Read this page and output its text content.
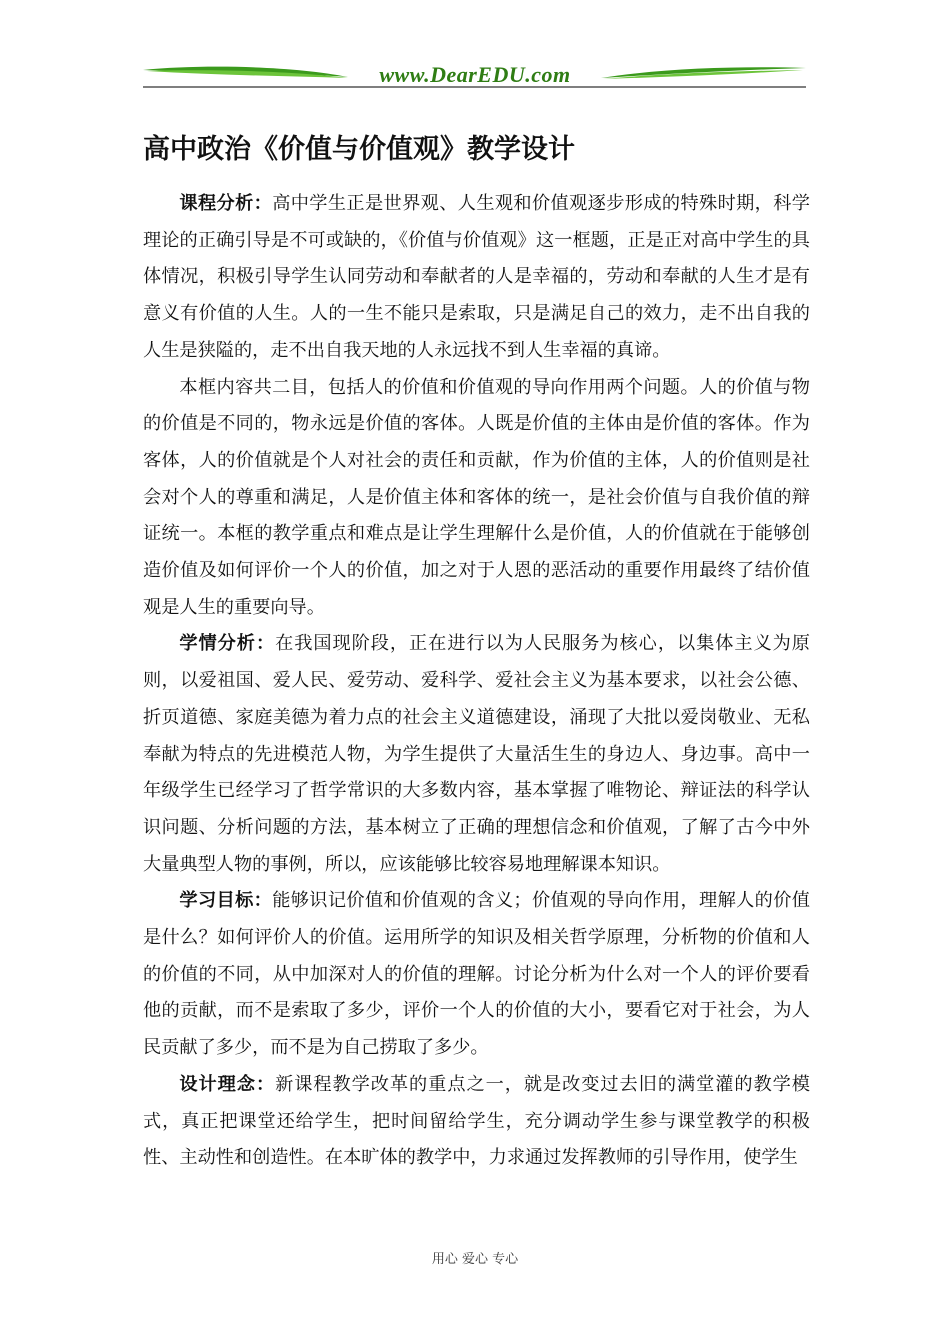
www.DearEDU.com
高中政治《价值与价值观》教学设计

课程分析：高中学生正是世界观、人生观和价值观逐步形成的特殊时期，科学理论的正确引导是不可或缺的，《价值与价值观》这一框题，正是正对高中学生的具体情况，积极引导学生认同劳动和奉献者的人是幸福的，劳动和奉献的人生才是有意义有价值的人生。人的一生不能只是索取，只是满足自己的效力，走不出自我的人生是狭隘的，走不出自我天地的人永远找不到人生幸福的真谛。

本框内容共二目，包括人的价值和价值观的导向作用两个问题。人的价值与物的价值是不同的，物永远是价值的客体。人既是价值的主体由是价值的客体。作为客体，人的价值就是个人对社会的责任和贡献，作为价值的主体，人的价值则是社会对个人的尊重和满足，人是价值主体和客体的统一，是社会价值与自我价值的辩证统一。本框的教学重点和难点是让学生理解什么是价值，人的价值就在于能够创造价值及如何评价一个人的价值，加之对于人恩的恶活动的重要作用最终了结价值观是人生的重要向导。

学情分析：在我国现阶段，正在进行以为人民服务为核心，以集体主义为原则，以爱祖国、爱人民、爱劳动、爱科学、爱社会主义为基本要求，以社会公德、折页道德、家庭美德为着力点的社会主义道德建设，涌现了大批以爱岗敬业、无私奉献为特点的先进模范人物，为学生提供了大量活生生的身边人、身边事。高中一年级学生已经学习了哲学常识的大多数内容，基本掌握了唯物论、辩证法的科学认识问题、分析问题的方法，基本树立了正确的理想信念和价值观，了解了古今中外大量典型人物的事例，所以，应该能够比较容易地理解课本知识。

学习目标：能够识记价值和价值观的含义；价值观的导向作用，理解人的价值是什么？如何评价人的价值。运用所学的知识及相关哲学原理，分析物的价值和人的价值的不同，从中加深对人的价值的理解。讨论分析为什么对一个人的评价要看他的贡献，而不是索取了多少，评价一个人的价值的大小，要看它对于社会，为人民贡献了多少，而不是为自己捞取了多少。

设计理念：新课程教学改革的重点之一，就是改变过去旧的满堂灌的教学模式，真正把课堂还给学生，把时间留给学生，充分调动学生参与课堂教学的积极性、主动性和创造性。在本旷体的教学中，力求通过发挥教师的引导作用，使学生

用心 爱心 专心
